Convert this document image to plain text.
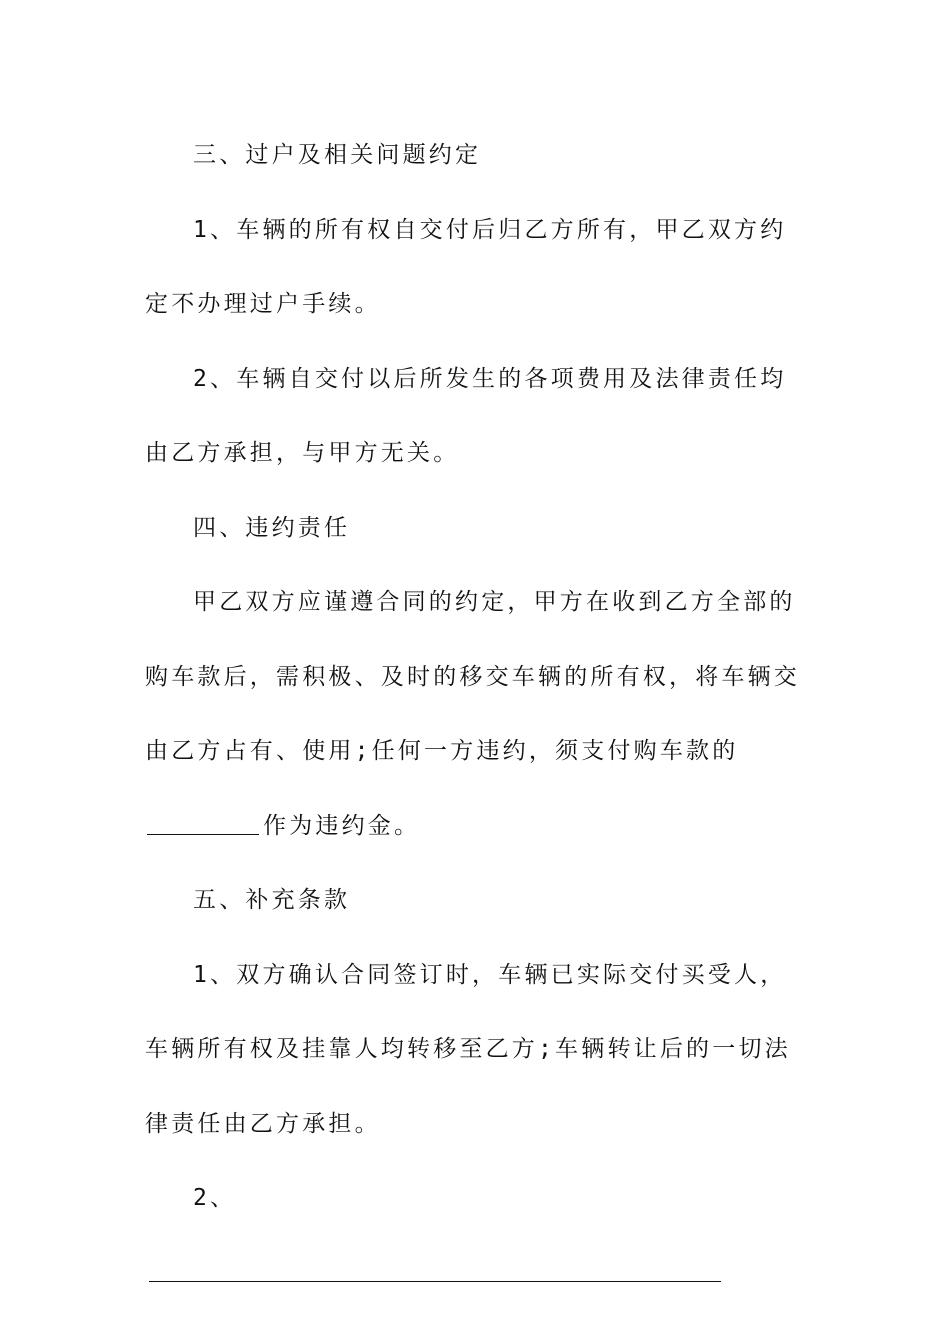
三、过户及相关问题约定

1、车辆的所有权自交付后归乙方所有，甲乙双方约定不办理过户手续。

2、车辆自交付以后所发生的各项费用及法律责任均由乙方承担，与甲方无关。

四、违约责任

甲乙双方应谨遵合同的约定，甲方在收到乙方全部的购车款后，需积极、及时的移交车辆的所有权，将车辆交由乙方占有、使用;任何一方违约，须支付购车款的作为违约金。

五、补充条款

1、双方确认合同签订时，车辆已实际交付买受人，车辆所有权及挂靠人均转移至乙方;车辆转让后的一切法律责任由乙方承担。

2、
